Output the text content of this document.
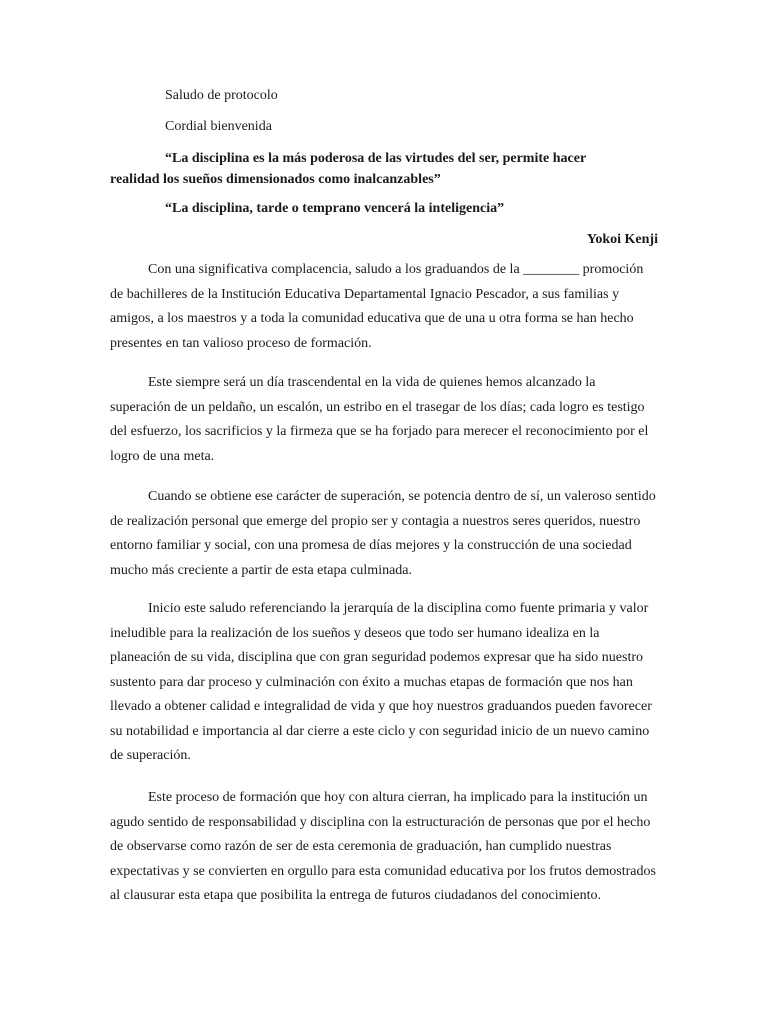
Saludo de protocolo
Cordial bienvenida
“La disciplina es la más poderosa de las virtudes del ser, permite hacer realidad los sueños dimensionados como inalcanzables”
“La disciplina, tarde o temprano vencerá la inteligencia”
Yokoi Kenji
Con una significativa complacencia, saludo a los graduandos de la ________ promoción de bachilleres de la Institución Educativa Departamental Ignacio Pescador, a sus familias y amigos, a los maestros y a toda la comunidad educativa que de una u otra forma se han hecho presentes en tan valioso proceso de formación.
Este siempre será un día trascendental en la vida de quienes hemos alcanzado la superación de un peldaño, un escalón, un estribo en el trasegar de los días; cada logro es testigo del esfuerzo, los sacrificios y la firmeza que se ha forjado para merecer el reconocimiento por el logro de una meta.
Cuando se obtiene ese carácter de superación, se potencia dentro de sí, un valeroso sentido de realización personal que emerge del propio ser y contagia a nuestros seres queridos, nuestro entorno familiar y social, con una promesa de días mejores y la construcción de una sociedad mucho más creciente a partir de esta etapa culminada.
Inicio este saludo referenciando la jerarquía de la disciplina como fuente primaria y valor ineludible para la realización de los sueños y deseos que todo ser humano idealiza en la planeación de su vida, disciplina que con gran seguridad podemos expresar que ha sido nuestro sustento para dar proceso y culminación con éxito a muchas etapas de formación que nos han llevado a obtener calidad e integralidad de vida y que hoy nuestros graduandos pueden favorecer su notabilidad e importancia al dar cierre a este ciclo y con seguridad inicio de un nuevo camino de superación.
Este proceso de formación que hoy con altura cierran, ha implicado para la institución un agudo sentido de responsabilidad y disciplina con la estructuración de personas que por el hecho de observarse como razón de ser de esta ceremonia de graduación, han cumplido nuestras expectativas y se convierten en orgullo para esta comunidad educativa por los frutos demostrados al clausurar esta etapa que posibilita la entrega de futuros ciudadanos del conocimiento.
